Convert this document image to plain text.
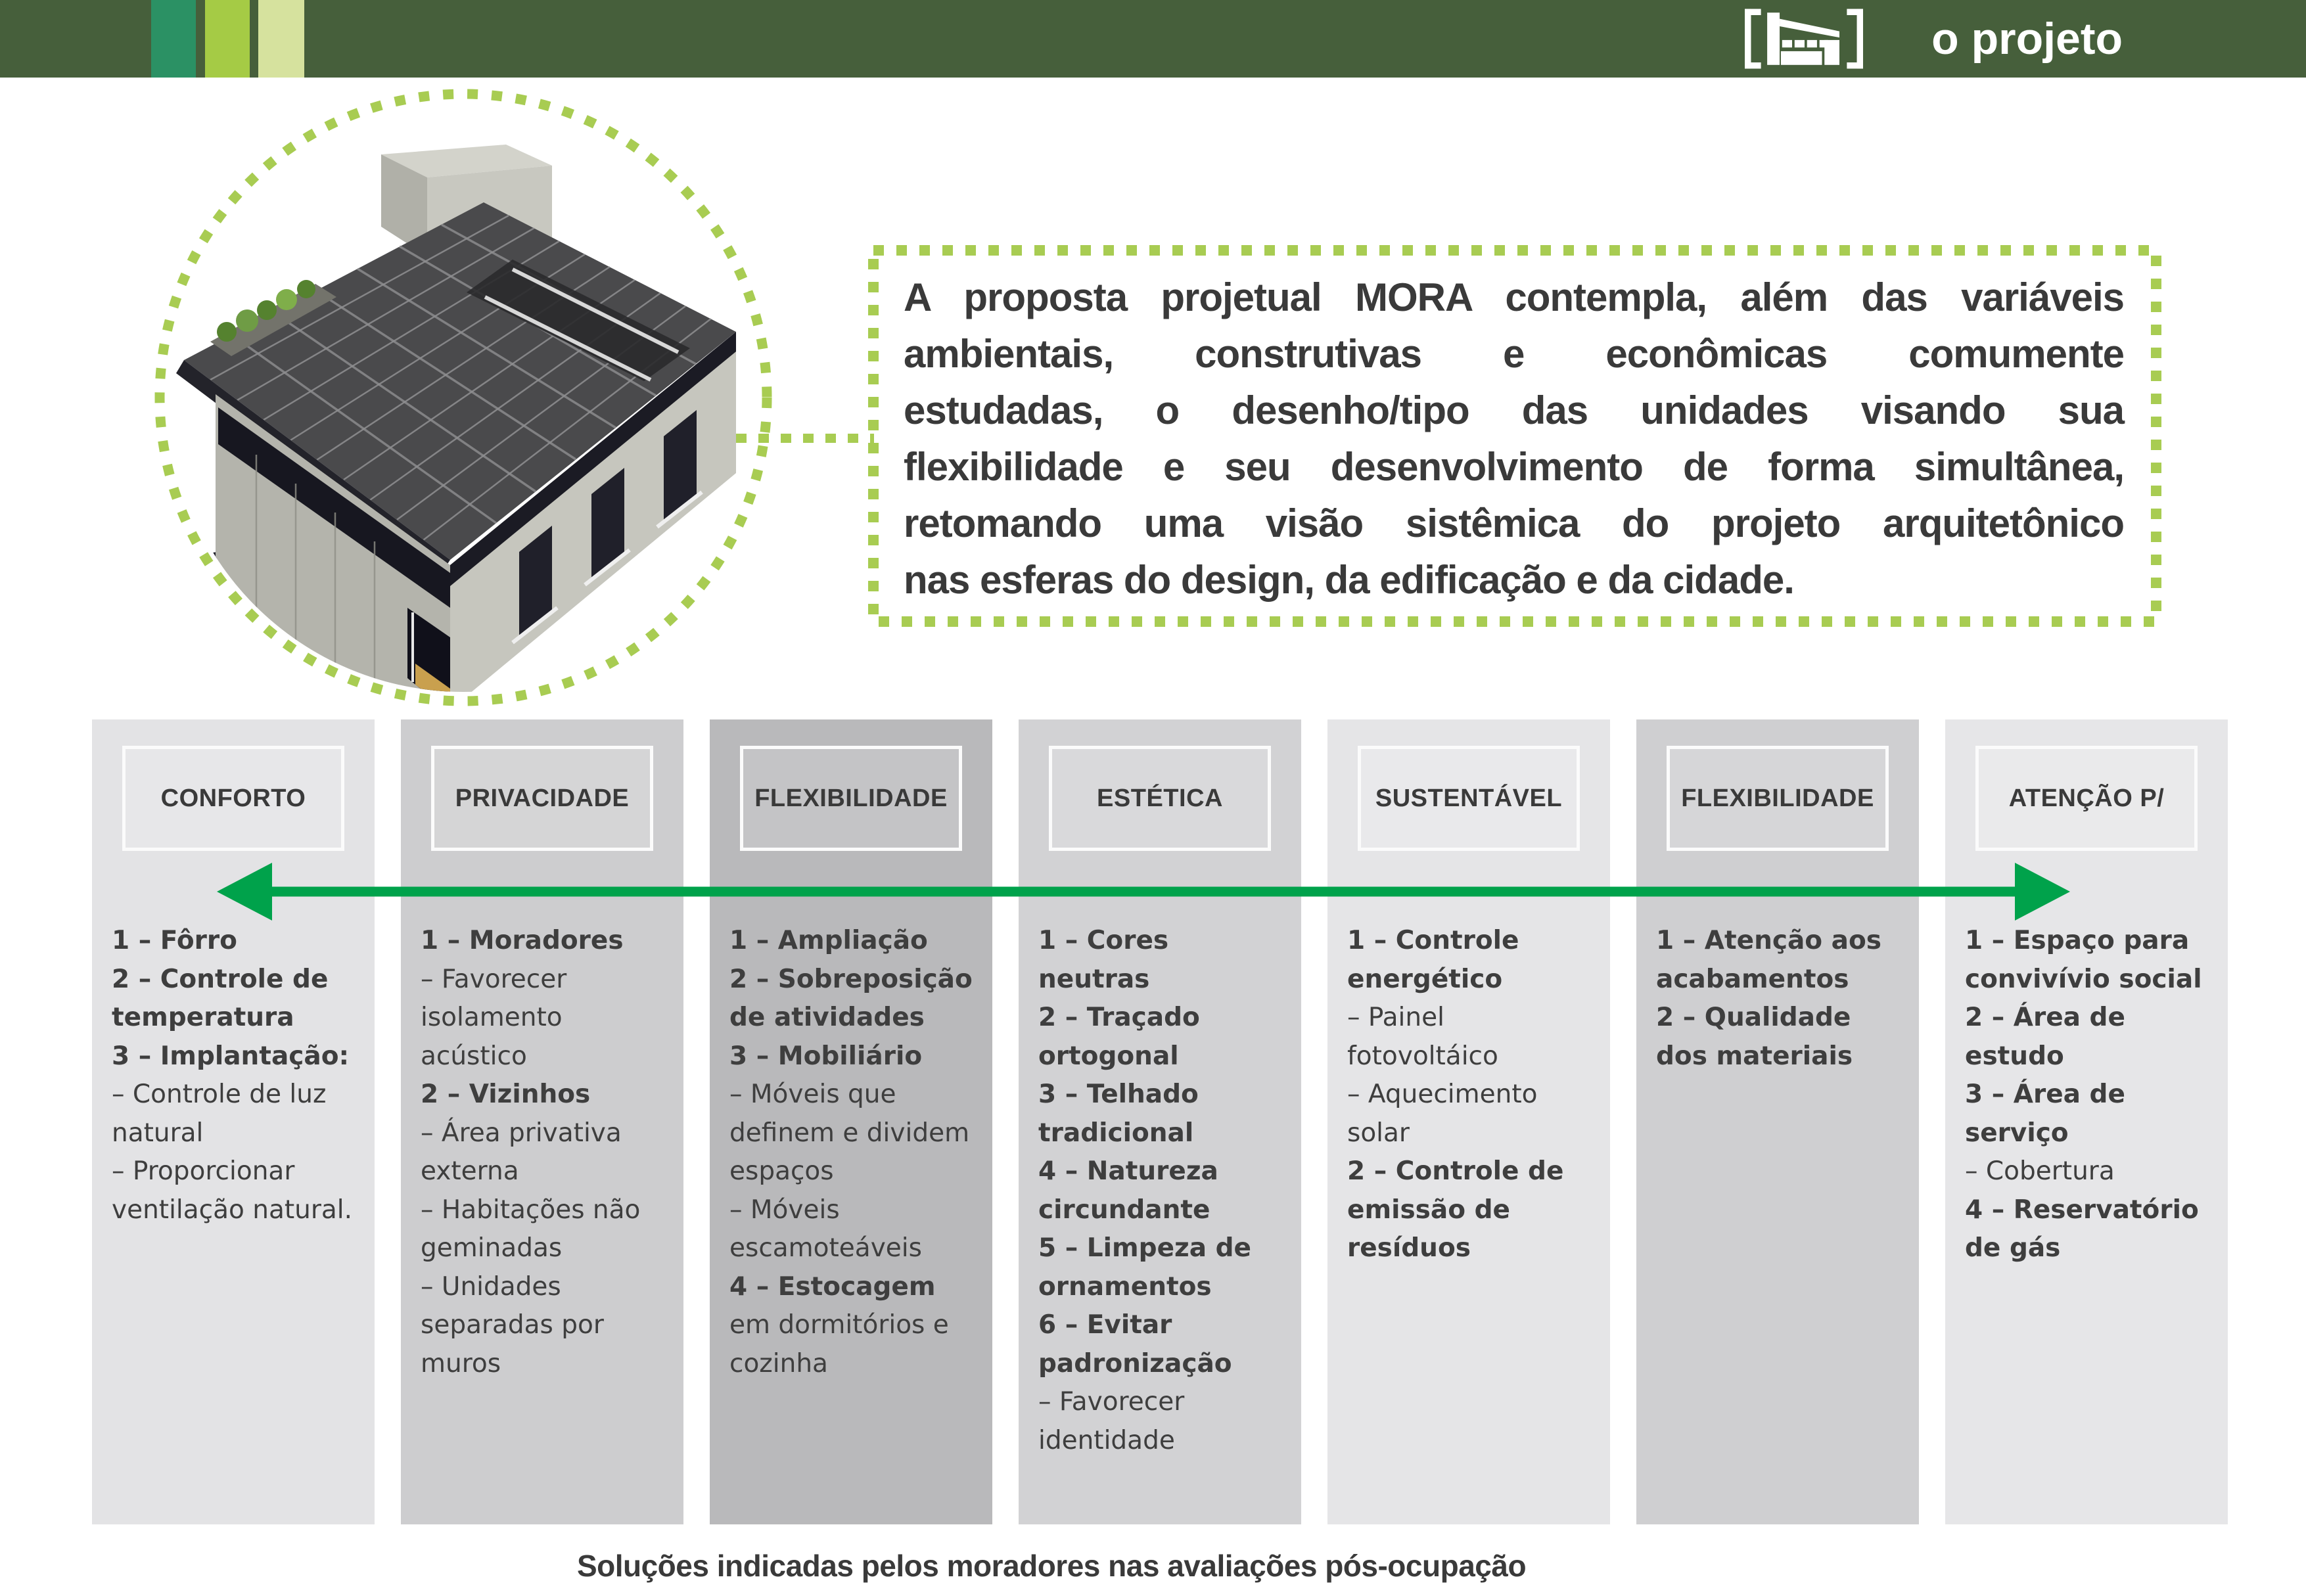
o projeto
A proposta projetual MORA contempla, além das variáveis
ambientais, construtivas e econômicas comumente
estudadas, o desenho/tipo das unidades visando sua
flexibilidade e seu desenvolvimento de forma simultânea,
retomando uma visão sistêmica do projeto arquitetônico
nas esferas do design, da edificação e da cidade.
CONFORTO
1 – Fôrro
2 – Controle de temperatura
3 – Implantação:
– Controle de luz natural
– Proporcionar ventilação natural.
PRIVACIDADE
1 – Moradores
– Favorecer isolamento acústico
2 – Vizinhos
– Área privativa externa
– Habitações não geminadas
– Unidades separadas por muros
FLEXIBILIDADE
1 – Ampliação
2 – Sobreposição de atividades
3 – Mobiliário
– Móveis que definem e dividem espaços
– Móveis escamoteáveis
4 – Estocagem em dormitórios e cozinha
ESTÉTICA
1 – Cores neutras
2 – Traçado ortogonal
3 – Telhado tradicional
4 – Natureza circundante
5 – Limpeza de ornamentos
6 – Evitar padronização
– Favorecer identidade
SUSTENTÁVEL
1 – Controle energético
– Painel fotovoltáico
– Aquecimento solar
2 – Controle de emissão de resíduos
FLEXIBILIDADE
1 – Atenção aos acabamentos
2 – Qualidade dos materiais
ATENÇÃO P/
1 – Espaço para convivívio social
2 – Área de estudo
3 – Área de serviço
– Cobertura
4 – Reservatório de gás
Soluções indicadas pelos moradores nas avaliações pós-ocupação
